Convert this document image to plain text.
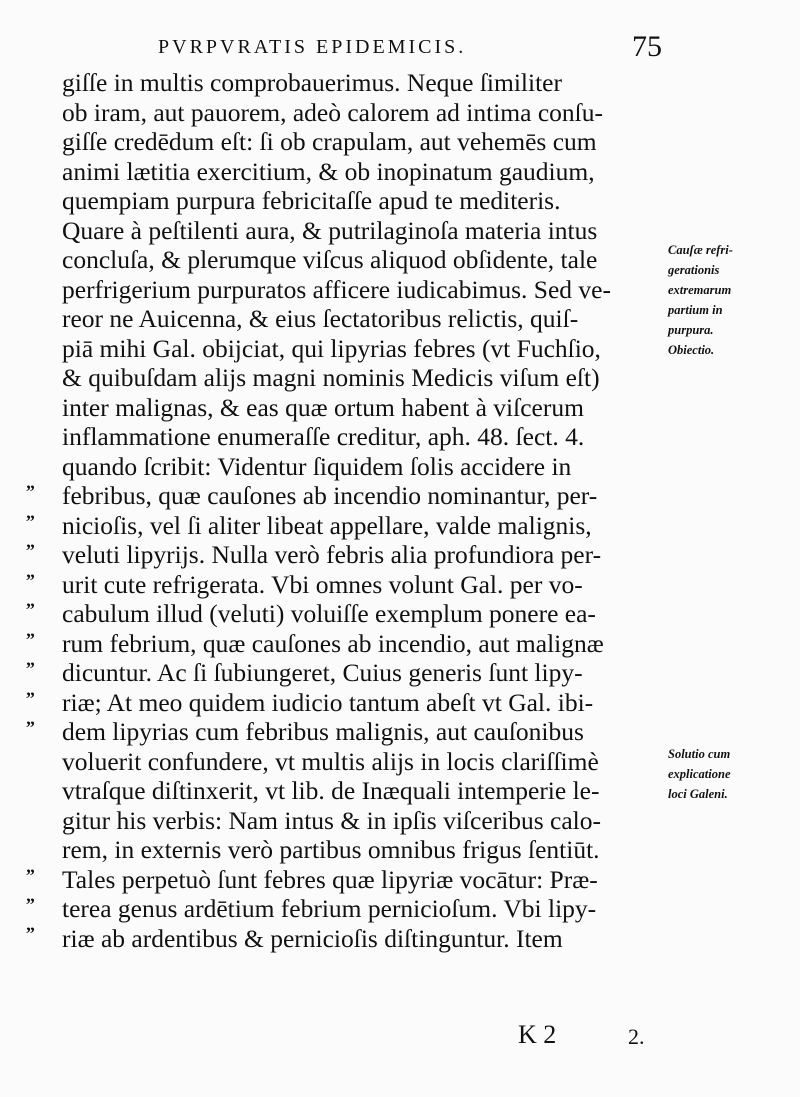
PVRPVRATIS EPIDEMICIS.	75
giſſe in multis comprobauerimus. Neque ſimiliter
ob iram, aut pauorem, adeò calorem ad intima conſu-
giſſe credēdum eſt: ſi ob crapulam, aut vehemēs cum
animi lætitia exercitium, & ob inopinatum gaudium,
quempiam purpura febricitaſſe apud te mediteris.
Quare à peſtilenti aura, & putrilaginoſa materia intus
concluſa, & plerumque viſcus aliquod obſidente, tale
perfrigerium purpuratos afficere iudicabimus. Sed ve-
reor ne Auicenna, & eius ſectatoribus relictis, quiſ-
piā mihi Gal. obijciat, qui lipyrias febres (vt Fuchſio,
& quibuſdam alijs magni nominis Medicis viſum eſt)
inter malignas, & eas quæ ortum habent à viſcerum
inflammatione enumeraſſe creditur, aph. 48. ſect. 4.
quando ſcribit: Videntur ſiquidem ſolis accidere in
febribus, quæ cauſones ab incendio nominantur, per-
nicioſis, vel ſi aliter libeat appellare, valde malignis,
veluti lipyrijs. Nulla verò febris alia profundiora per-
urit cute refrigerata. Vbi omnes volunt Gal. per vo-
cabulum illud (veluti) voluiſſe exemplum ponere ea-
rum febrium, quæ cauſones ab incendio, aut malignæ
dicuntur. Ac ſi ſubiungeret, Cuius generis ſunt lipy-
riæ; At meo quidem iudicio tantum abeſt vt Gal. ibi-
dem lipyrias cum febribus malignis, aut cauſonibus
voluerit confundere, vt multis alijs in locis clariſſimè
vtraſque diſtinxerit, vt lib. de Inæquali intemperie le-
gitur his verbis: Nam intus & in ipſis viſceribus calo-
rem, in externis verò partibus omnibus frigus ſentiūt.
Tales perpetuò ſunt febres quæ lipyriæ vocātur: Præ-
terea genus ardētium febrium pernicioſum. Vbi lipy-
riæ ab ardentibus & pernicioſis diſtinguntur. Item
„
„
„
„
„
„
„
„
„
„
„
„
Cauſæ refri-
gerationis
extremarum
partium in
purpura.
Obiectio.
Solutio cum
explicatione
loci Galeni.
K 2	2.
